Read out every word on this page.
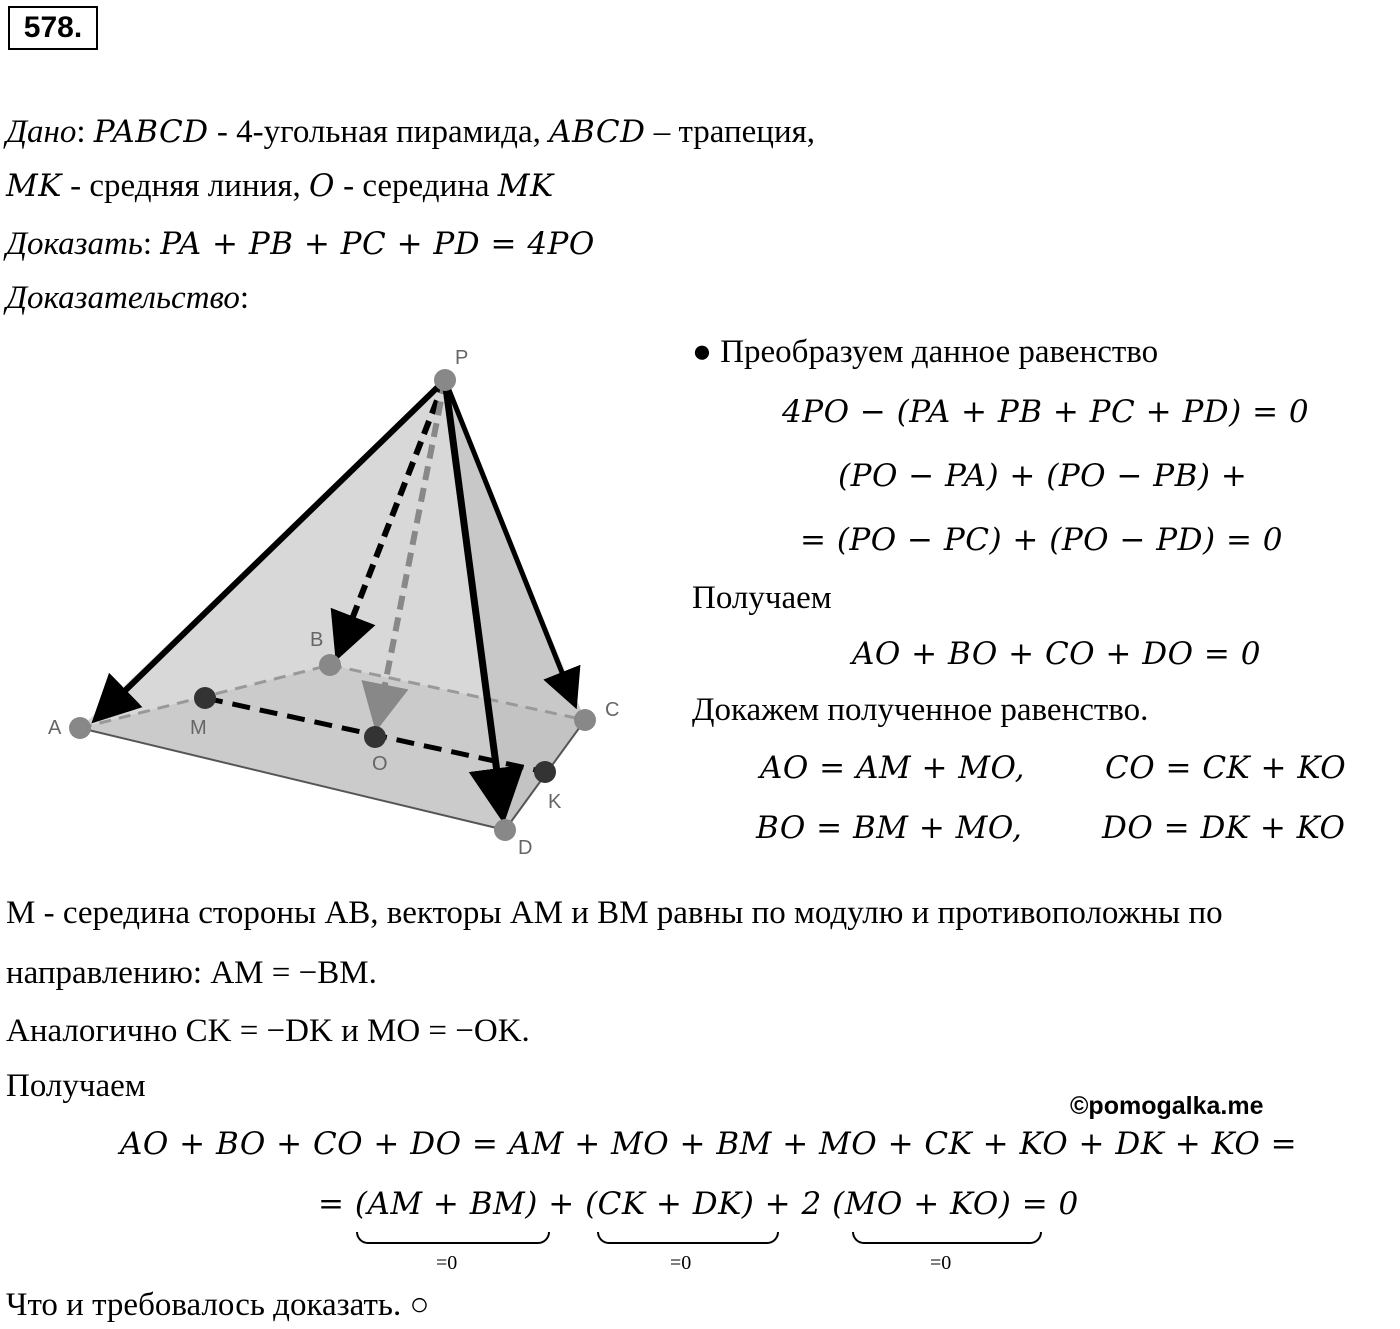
578.
Дано: PABCD - 4-угольная пирамида, ABCD – трапеция,
MK - средняя линия, O - середина MK
Доказать: PA + PB + PC + PD = 4PO
Доказательство:
P
A
B
C
D
M
O
K
● Преобразуем данное равенство
4PO − (PA + PB + PC + PD) = 0
(PO − PA) + (PO − PB) +
= (PO − PC) + (PO − PD) = 0
Получаем
AO + BO + CO + DO = 0
Докажем полученное равенство.
AO = AM + MO,	CO = CK + KO
BO = BM + MO,	DO = DK + KO
M - середина стороны AB, векторы AM и BM равны по модулю и противоположны по
направлению: AM = −BM.
Аналогично CK = −DK и MO = −OK.
Получаем
©pomogalka.me
AO + BO + CO + DO = AM + MO + BM + MO + CK + KO + DK + KO =
= (AM + BM) + (CK + DK) + 2 (MO + KO) = 0
=0	=0	=0
Что и требовалось доказать. ○
